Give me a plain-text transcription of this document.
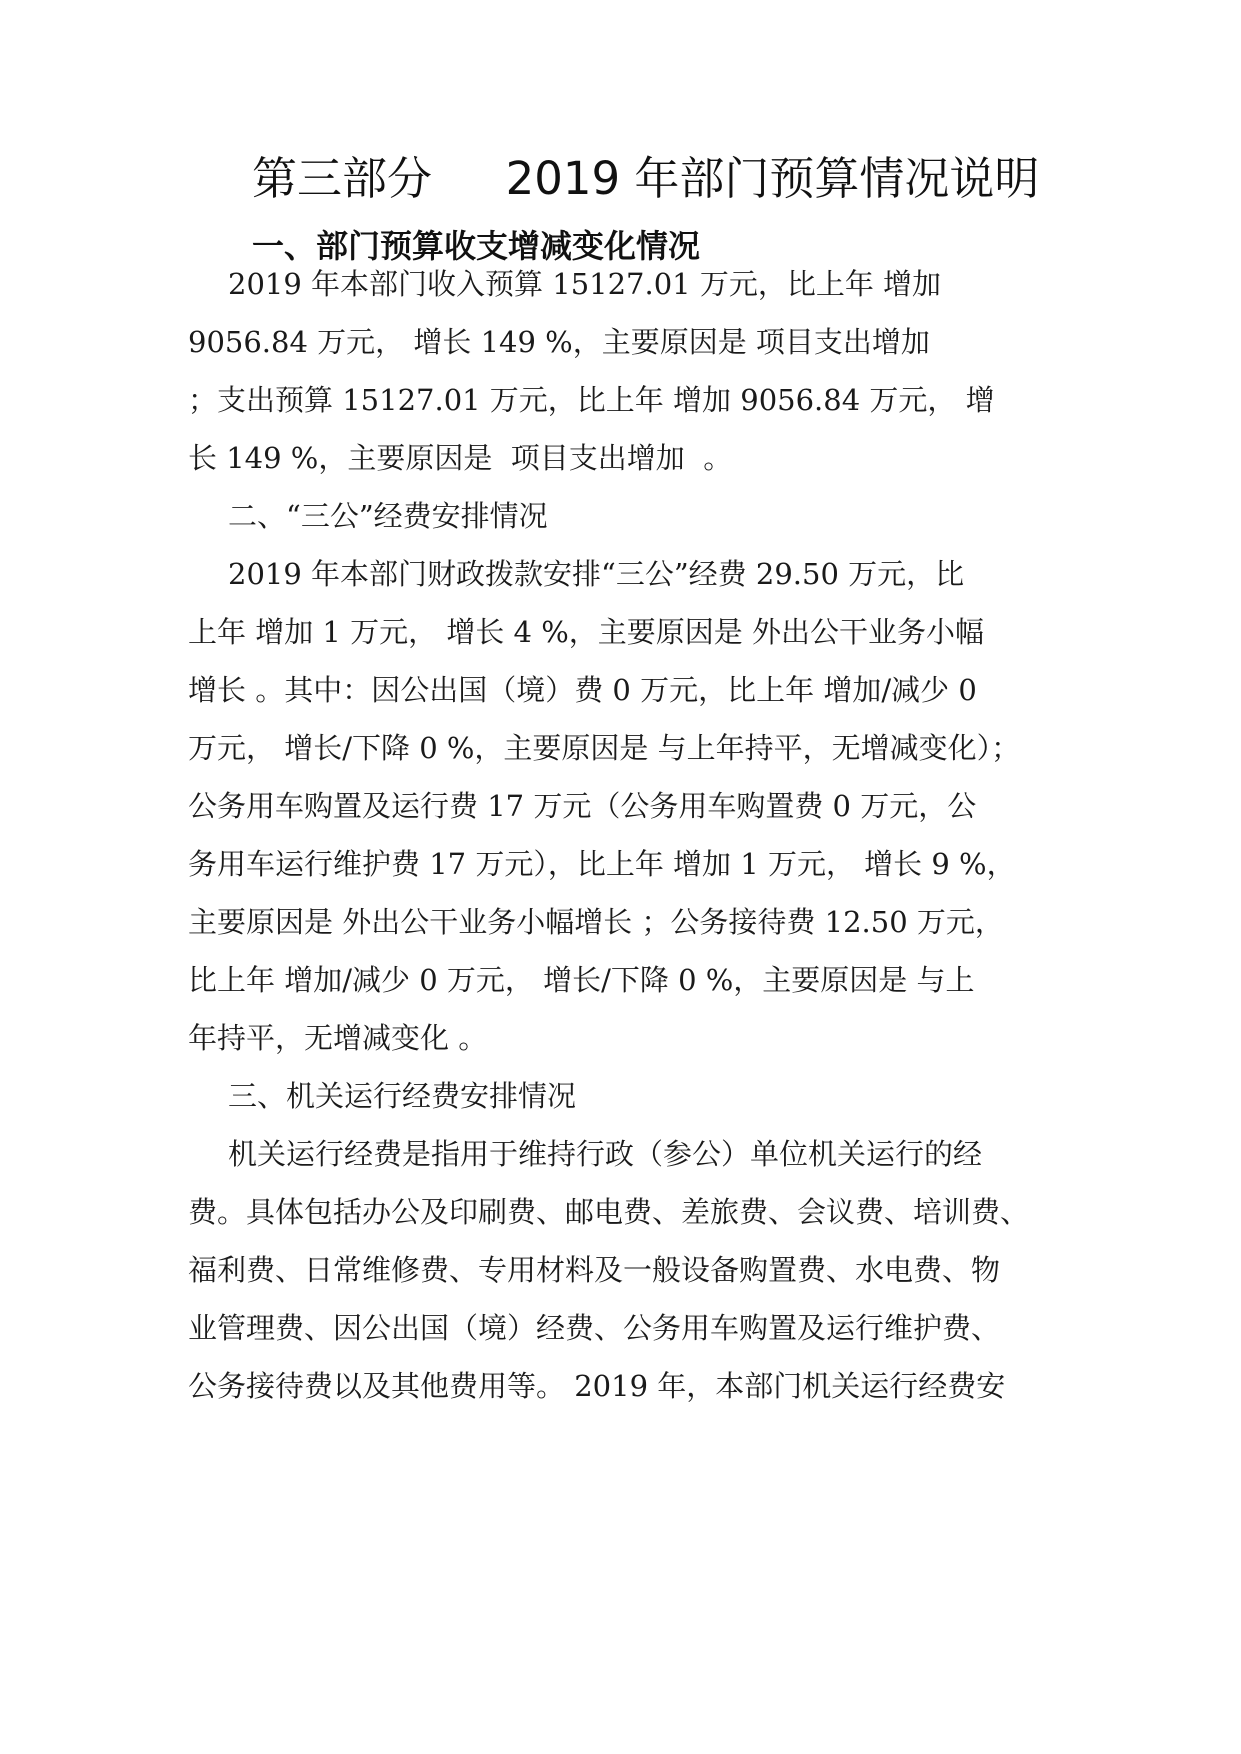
第三部分　  2019 年部门预算情况说明
一、部门预算收支增减变化情况

2019 年本部门收入预算 15127.01 万元，比上年 增加

9056.84 万元， 增长 149 %，主要原因是 项目支出增加

；支出预算 15127.01 万元，比上年 增加 9056.84 万元， 增

长 149 %，主要原因是  项目支出增加  。

二、“三公”经费安排情况

2019 年本部门财政拨款安排“三公”经费 29.50 万元，比

上年 增加 1 万元， 增长 4 %，主要原因是 外出公干业务小幅

增长 。其中：因公出国（境）费 0 万元，比上年 增加/减少 0

万元， 增长/下降 0 %，主要原因是 与上年持平，无增减变化）；

公务用车购置及运行费 17 万元（公务用车购置费 0 万元，公

务用车运行维护费 17 万元），比上年 增加 1 万元， 增长 9 %，

主要原因是 外出公干业务小幅增长 ；公务接待费 12.50 万元，

比上年 增加/减少 0 万元， 增长/下降 0 %，主要原因是 与上

年持平，无增减变化 。

三、机关运行经费安排情况

机关运行经费是指用于维持行政（参公）单位机关运行的经

费。具体包括办公及印刷费、邮电费、差旅费、会议费、培训费、

福利费、日常维修费、专用材料及一般设备购置费、水电费、物

业管理费、因公出国（境）经费、公务用车购置及运行维护费、

公务接待费以及其他费用等。 2019 年，本部门机关运行经费安
